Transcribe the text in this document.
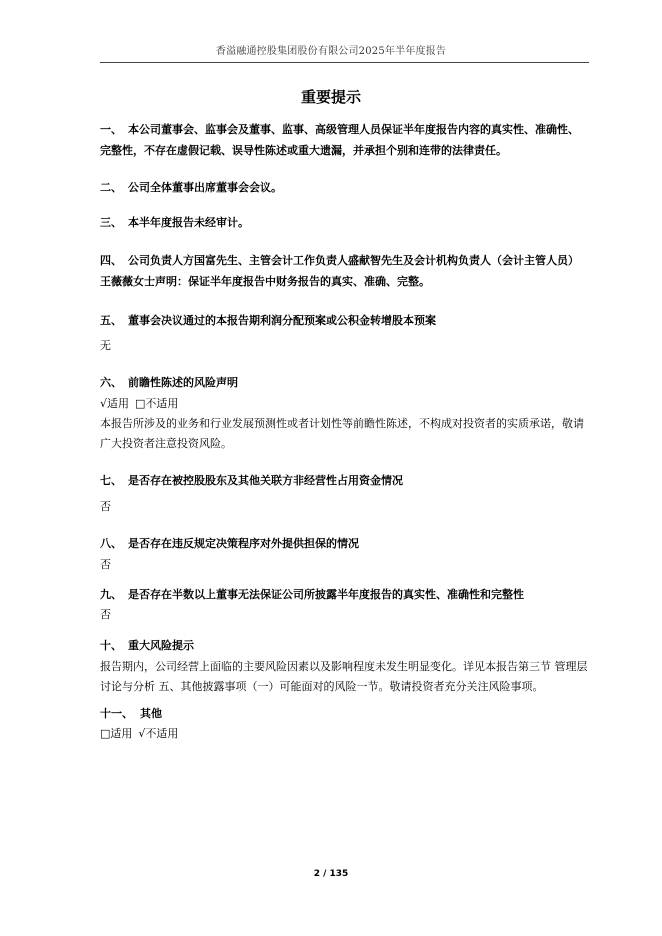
香溢融通控股集团股份有限公司2025年半年度报告
重要提示
一、 本公司董事会、监事会及董事、监事、高级管理人员保证半年度报告内容的真实性、准确性、完整性，不存在虚假记载、误导性陈述或重大遗漏，并承担个别和连带的法律责任。
二、 公司全体董事出席董事会会议。
三、 本半年度报告未经审计。
四、 公司负责人方国富先生、主管会计工作负责人盛献智先生及会计机构负责人（会计主管人员）王薇薇女士声明：保证半年度报告中财务报告的真实、准确、完整。
五、 董事会决议通过的本报告期利润分配预案或公积金转增股本预案
无
六、 前瞻性陈述的风险声明
√适用 □不适用
本报告所涉及的业务和行业发展预测性或者计划性等前瞻性陈述，不构成对投资者的实质承诺，敬请广大投资者注意投资风险。
七、 是否存在被控股股东及其他关联方非经营性占用资金情况
否
八、 是否存在违反规定决策程序对外提供担保的情况
否
九、 是否存在半数以上董事无法保证公司所披露半年度报告的真实性、准确性和完整性
否
十、 重大风险提示
报告期内，公司经营上面临的主要风险因素以及影响程度未发生明显变化。详见本报告第三节 管理层讨论与分析 五、其他披露事项（一）可能面对的风险一节。敬请投资者充分关注风险事项。
十一、 其他
□适用 √不适用
2 / 135
